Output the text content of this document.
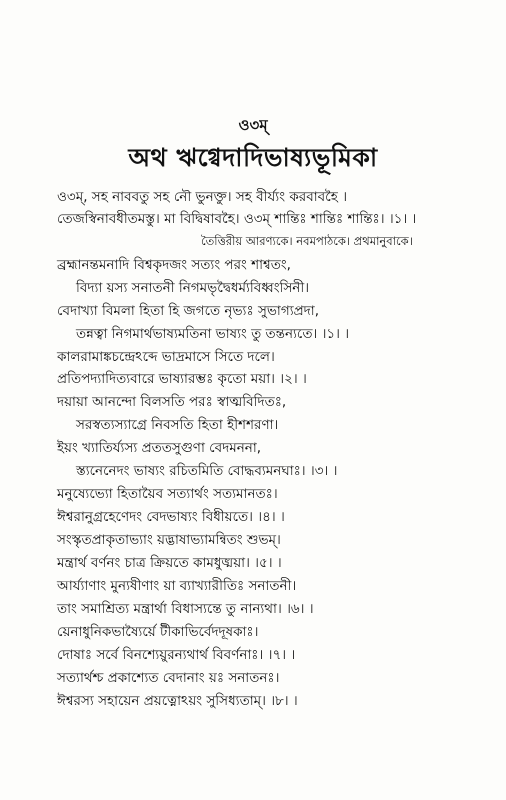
ও৩ম্
অথ ঋগ্বেদাদিভাষ্যভূমিকা
ও৩ম্, সহ নাববতু সহ নৌ ভুনক্তু। সহ বীর্য্যং করবাবহৈ ।
তেজস্বিনাবধীতমস্তু। মা বিদ্বিষাবহৈ। ও৩ম্ শান্তিঃ শান্তিঃ শান্তিঃ। ।১। ।
তৈত্তিরীয় আরণ্যকে। নবমপাঠকে। প্রথমানুবাকে।
ব্রহ্মানন্তমনাদি বিশ্বকৃদজং সত্যং পরং শাশ্বতং,
বিদ্যা য়স্য সনাতনী নিগমভৃদ্বৈধর্ম্যবিধ্বংসিনী।
বেদাখ্যা বিমলা হিতা হি জগতে নৃভ্যঃ সুভাগ্যপ্রদা,
তন্নত্বা নিগমার্থভাষ্যমতিনা ভাষ্যং তু তন্তন্যতে। ।১। ।
কালরামাঙ্কচন্দ্রেঽব্দে ভাদ্রমাসে সিতে দলে।
প্রতিপদ্যাদিত্যবারে ভাষ্যারম্ভঃ কৃতো ময়া। ।২। ।
দয়ায়া আনন্দো বিলসতি পরঃ স্বাত্মবিদিতঃ,
সরস্বত্যস্যাগ্রে নিবসতি হিতা হীশশরণা।
ইয়ং খ্যাতির্য্যস্য প্রততসুগুণা বেদমননা,
স্ত্যনেনেদং ভাষ্যং রচিতমিতি বোদ্ধব্যমনঘাঃ। ।৩। ।
মনুষ্যেভ্যো হিতায়ৈব সত্যার্থং সত্যমানতঃ।
ঈশ্বরানুগ্রহেণেদং বেদভাষ্যং বিধীয়তে। ।৪। ।
সংস্কৃতপ্রাকৃতাভ্যাং য়দ্ভাষাভ্যামন্বিতং শুভম্।
মন্ত্রার্থ বর্ণনং চাত্র ক্রিয়তে কামধুঙ্ময়া। ।৫। ।
আর্য্যাণাং মুন্যষীণাং য়া ব্যাখ্যারীতিঃ সনাতনী।
তাং সমাশ্রিত্য মন্ত্রার্থা বিধাস্যন্তে তু নান্যথা। ।৬। ।
য়েনাধুনিকভাষ্যৈর্য়ে টীকাভির্বেদদূষকাঃ।
দোষাঃ সর্বে বিনশ্যেয়ুরন্যথার্থ বিবর্ণনাঃ। ।৭। ।
সত্যার্থশ্চ প্রকাশ্যেত বেদানাং য়ঃ সনাতনঃ।
ঈশ্বরস্য সহায়েন প্রয়ত্নোঽয়ং সুসিধ্যতাম্। ।৮। ।
